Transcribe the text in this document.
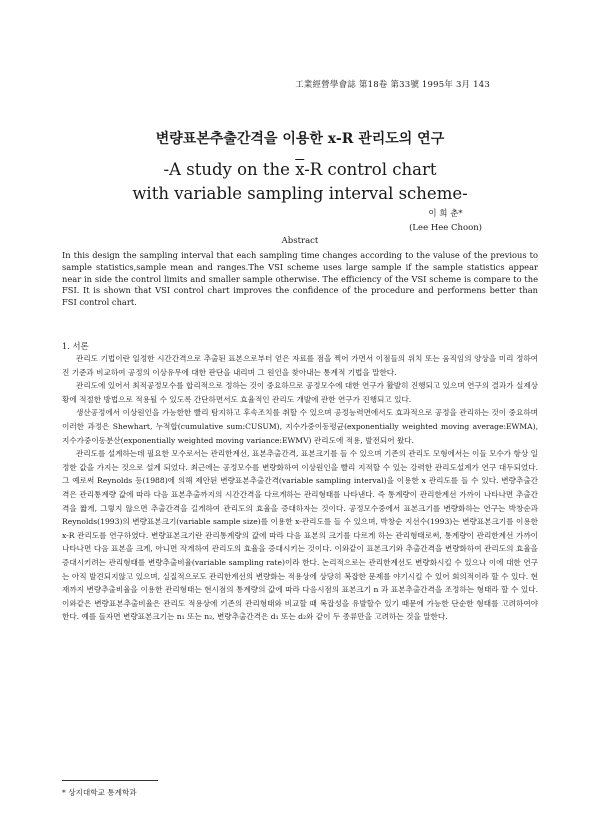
工業經營學會誌 第18卷 第33號 1995年 3月 143

변량표본추출간격을 이용한 x-R 관리도의 연구

-A study on the $\overline{x}-R$ control chart
with variable sampling interval scheme-

이 희 춘*
(Lee Hee Choon)
Abstract
In this design the sampling interval that each sampling time changes according to the valuse of the previous to sample statistics,sample mean and ranges.The VSI scheme uses large sample if the sample statistics appear near in side the control limits and smaller sample otherwise. The efficiency of the VSI scheme is compare to the FSI. It is shown that VSI control chart improves the confidence of the procedure and performens better than FSI control chart.
1. 서론

관리도 기법이란 일정한 시간간격으로 추출된 표본으로부터 얻은 자료를 점을 찍어 가면서 이점들의 위치 또는 움직임의 양상을 미리 정하여진 기준과 비교하여 공정의 이상유무에 대한 판단을 내리며 그 원인을 찾아내는 통계적 기법을 말한다.

관리도에 있어서 최적공정모수를 합리적으로 정하는 것이 중요하므로 공정모수에 대한 연구가 활발히 진행되고 있으며 연구의 결과가 실제상황에 적절한 방법으로 적용될 수 있도록 간단하면서도 효율적인 관리도 개발에 관한 연구가 진행되고 있다.

생산공정에서 이상원인을 가능한한 빨리 탐지하고 후속조치를 취할 수 있으며 공정능력면에서도 효과적으로 공정을 관리하는 것이 중요하며 이러한 과정은 Shewhart, 누적합(cumulative sum:CUSUM), 지수가중이동평균(exponentially weighted moving average:EWMA), 지수가중이동분산(exponentially weighted moving variance:EWMV) 관리도에 적용, 발전되어 왔다.

관리도를 설계하는데 필요한 모수로서는 관리한계선, 표본추출간격, 표본크기를 들 수 있으며 기존의 관리도 모형에서는 이들 모수가 항상 일정한 값을 가지는 것으로 설계 되었다. 최근에는 공정모수를 변량화하여 이상원인을 빨리 지적할 수 있는 강력한 관리도설계가 연구 대두되었다. 그 예로써 Reynolds 등(1988)에 의해 제안된 변량표본추출간격(variable sampling interval)을 이용한 x 관리도를 들 수 있다. 변량추출간격은 관리통계량 값에 따라 다음 표본추출까지의 시간간격을 다르게하는 관리형태를 나타낸다. 즉 통계량이 관리한계선 가까이 나타나면 추출간격을 짧게, 그렇지 않으면 추출간격을 길게하여 관리도의 효율을 증대하자는 것이다. 공정모수중에서 표본크기를 변량화하는 연구는 박창순과 Reynolds(1993)의 변량표본크기(variable sample size)를 이용한 x-관리도를 들 수 있으며, 박창순 지선수(1993)는 변량표본크기를 이용한 x-R 관리도를 연구하였다. 변량표본크기란 관리통계량의 값에 따라 다음 표본의 크기를 다르게 하는 관리형태로써, 통계량이 관리한계선 가까이 나타나면 다음 표본을 크게, 아니면 작게하여 관리도의 효율을 증대시키는 것이다. 이와같이 표본크기와 추출간격을 변량화하여 관리도의 효율을 증대시키려는 관리형태를 변량추출비율(variable sampling rate)이라 한다. 논리적으로는 관리한계선도 변량화시킬 수 있으나 이에 대한 연구는 아직 발견되지않고 있으며, 실질적으로도 관리한계선의 변량화는 적용상에 상당히 복잡한 문제를 야기시킬 수 있어 회의적이라 할 수 있다. 현재까지 변량추출비율을 이용한 관리형태는 현시점의 통계량의 값에 따라 다음시점의 표본크기 n 과 표본추출간격을 조정하는 형태라 할 수 있다. 이와같은 변량표본추출비율은 관리도 적용상에 기존의 관리형태와 비교할 때 복잡성을 유발할수 있기 때문에 가능한 단순한 형태를 고려하여야한다. 예를 들자면 변량표본크기는 n₁ 또는 n₂, 변량추출간격은 d₁ 또는 d₂와 같이 두 종류만을 고려하는 것을 말한다.

* 상지대학교 통계학과
